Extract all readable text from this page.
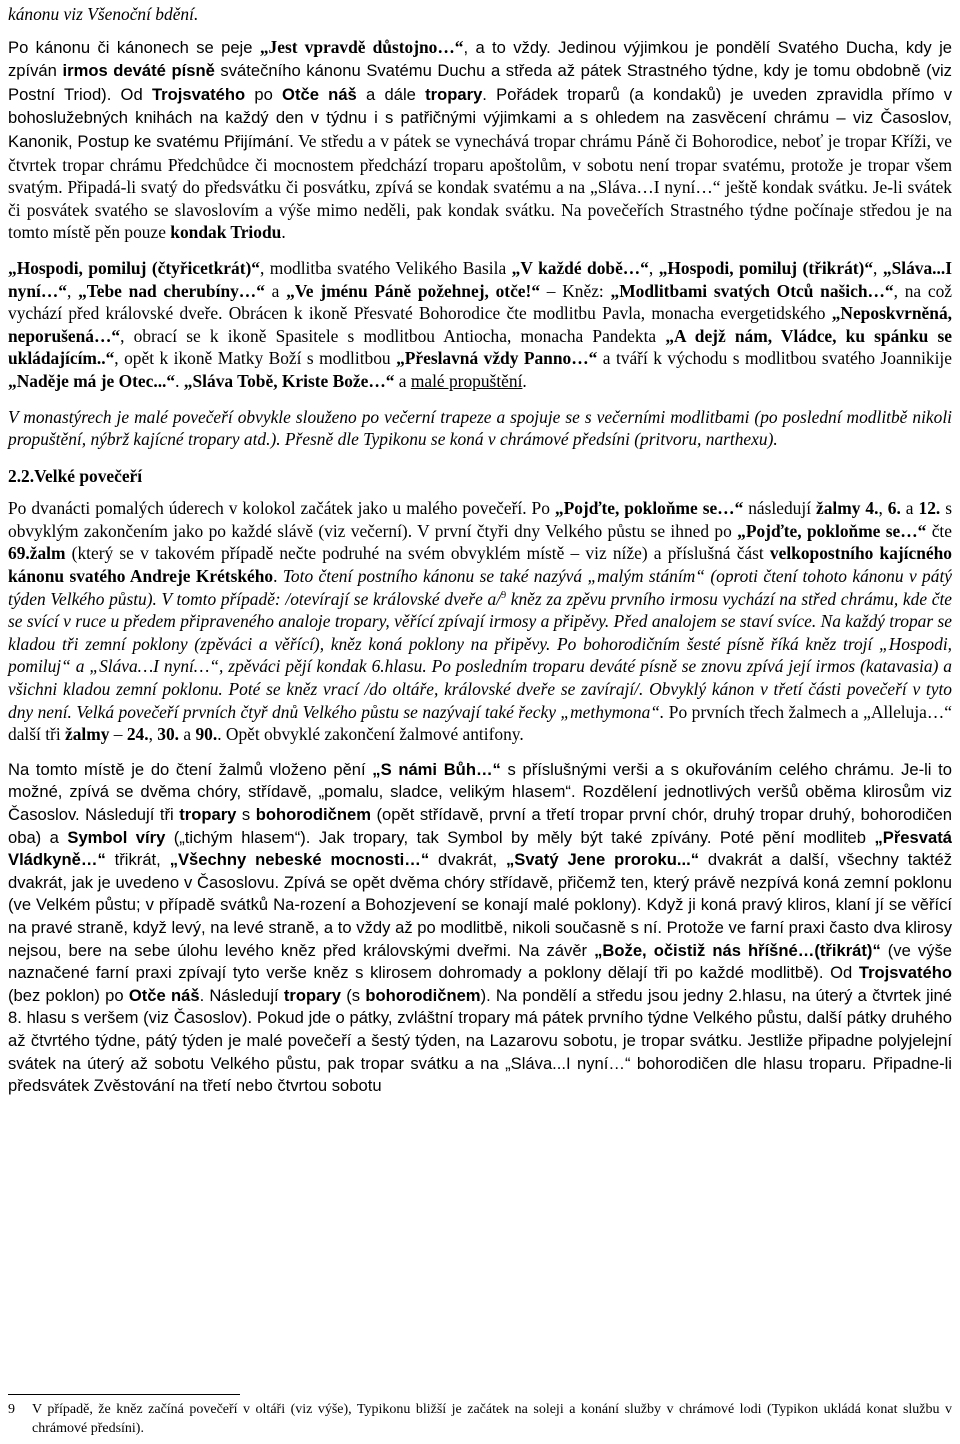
kánonu viz Všenoční bdění.

Po kánonu či kánonech se peje „Jest vpravdě důstojno…“, a to vždy. Jedinou výjimkou je pondělí Svatého Ducha, kdy je zpíván irmos deváté písně svátečního kánonu Svatému Duchu a středa až pátek Strastného týdne, kdy je tomu obdobně (viz Postní Triod). Od Trojsvatého po Otče náš a dále tropary. Pořádek troparů (a kondaků) je uveden zpravidla přímo v bohoslužebných knihách na každý den v týdnu i s patřičnými výjimkami a s ohledem na zasvěcení chrámu – viz Časoslov, Kanonik, Postup ke svatému Přijímání. Ve středu a v pátek se vynechává tropar chrámu Páně či Bohorodice, neboť je tropar Kříži, ve čtvrtek tropar chrámu Předchůdce či mocnostem předchází troparu apoštolům, v sobotu není tropar svatému, protože je tropar všem svatým. Připadá-li svatý do předsvátku či posvátku, zpívá se kondak svatému a na „Sláva…I nyní…“ ještě kondak svátku. Je-li svátek či posvátek svatého se slavoslovím a výše mimo neděli, pak kondak svátku. Na povečeřích Strastného týdne počínaje středou je na tomto místě pěn pouze kondak Triodu.

„Hospodi, pomiluj (čtyřicetkrát)“, modlitba svatého Velikého Basila „V každé době…“, „Hospodi, pomiluj (třikrát)“, „Sláva...I nyní…“, „Tebe nad cherubíny…“ a „Ve jménu Páně požehnej, otče!“ – Kněz: „Modlitbami svatých Otců našich…“, na což vychází před královské dveře. Obrácen k ikoně Přesvaté Bohorodice čte modlitbu Pavla, monacha evergetidského „Neposkvrněná, neporušená…“, obrací se k ikoně Spasitele s modlitbou Antiocha, monacha Pandekta „A dejž nám, Vládce, ku spánku se ukládajícím..“, opět k ikoně Matky Boží s modlitbou „Přeslavná vždy Panno…“ a tváří k východu s modlitbou svatého Joannikije „Naděje má je Otec...“. „Sláva Tobě, Kriste Bože…“ a malé propuštění.

V monastýrech je malé povečeří obvykle slouženo po večerní trapeze a spojuje se s večerními modlitbami (po poslední modlitbě nikoli propuštění, nýbrž kajícné tropary atd.). Přesně dle Typikonu se koná v chrámové předsíni (pritvoru, narthexu).

2.2.Velké povečeří

Po dvanácti pomalých úderech v kolokol začátek jako u malého povečeří. Po „Pojďte, pokloňme se…“ následují žalmy 4., 6. a 12. s obvyklým zakončením jako po každé slávě (viz večerní). V první čtyři dny Velkého půstu se ihned po „Pojďte, pokloňme se…“ čte 69.žalm (který se v takovém případě nečte podruhé na svém obvyklém místě – viz níže) a příslušná část velkopostního kajícného kánonu svatého Andreje Krétského. Toto čtení postního kánonu se také nazývá „malým stáním“ (oproti čtení tohoto kánonu v pátý týden Velkého půstu). V tomto případě: /otevírají se královské dveře a/$^9$ kněz za zpěvu prvního irmosu vychází na střed chrámu, kde čte se svící v ruce u předem připraveného analoje tropary, věřící zpívají irmosy a připěvy. Před analojem se staví svíce. Na každý tropar se kladou tři zemní poklony (zpěváci a věřící), kněz koná poklony na připěvy. Po bohorodičním šesté písně říká kněz trojí „Hospodi, pomiluj“ a „Sláva…I nyní…“, zpěváci pějí kondak 6.hlasu. Po posledním troparu deváté písně se znovu zpívá její irmos (katavasia) a všichni kladou zemní poklonu. Poté se kněz vrací /do oltáře, královské dveře se zavírají/. Obvyklý kánon v třetí části povečeří v tyto dny není. Velká povečeří prvních čtyř dnů Velkého půstu se nazývají také řecky „methymona“. Po prvních třech žalmech a „Alleluja…“ další tři žalmy – 24., 30. a 90.. Opět obvyklé zakončení žalmové antifony.

Na tomto místě je do čtení žalmů vloženo pění „S námi Bůh…“ s příslušnými verši a s okuřováním celého chrámu. Je-li to možné, zpívá se dvěma chóry, střídavě, „pomalu, sladce, velikým hlasem“. Rozdělení jednotlivých veršů oběma klirosům viz Časoslov. Následují tři tropary s bohorodičnem (opět střídavě, první a třetí tropar první chór, druhý tropar druhý, bohorodičen oba) a Symbol víry („tichým hlasem“). Jak tropary, tak Symbol by měly být také zpívány. Poté pění modliteb „Přesvatá Vládkyně…“ třikrát, „Všechny nebeské mocnosti…“ dvakrát, „Svatý Jene proroku...“ dvakrát a další, všechny taktéž dvakrát, jak je uvedeno v Časoslovu. Zpívá se opět dvěma chóry střídavě, přičemž ten, který právě nezpívá koná zemní poklonu (ve Velkém půstu; v případě svátků Na-rození a Bohozjevení se konají malé poklony). Když ji koná pravý kliros, klaní jí se věřící na pravé straně, když levý, na levé straně, a to vždy až po modlitbě, nikoli současně s ní. Protože ve farní praxi často dva klirosy nejsou, bere na sebe úlohu levého kněz před královskými dveřmi. Na závěr „Bože, očistiž nás hříšné…(třikrát)“ (ve výše naznačené farní praxi zpívají tyto verše kněz s klirosem dohromady a poklony dělají tři po každé modlitbě). Od Trojsvatého (bez poklon) po Otče náš. Následují tropary (s bohorodičnem). Na pondělí a středu jsou jedny 2.hlasu, na úterý a čtvrtek jiné 8. hlasu s veršem (viz Časoslov). Pokud jde o pátky, zvláštní tropary má pátek prvního týdne Velkého půstu, další pátky druhého až čtvrtého týdne, pátý týden je malé povečeří a šestý týden, na Lazarovu sobotu, je tropar svátku. Jestliže připadne polyjelejní svátek na úterý až sobotu Velkého půstu, pak tropar svátku a na „Sláva...I nyní…“ bohorodičen dle hlasu troparu. Připadne-li předsvátek Zvěstování na třetí nebo čtvrtou sobotu

9	V případě, že kněz začíná povečeří v oltáři (viz výše), Typikonu bližší je začátek na soleji a konání služby v chrámové lodi (Typikon ukládá konat službu v chrámové předsíni).
